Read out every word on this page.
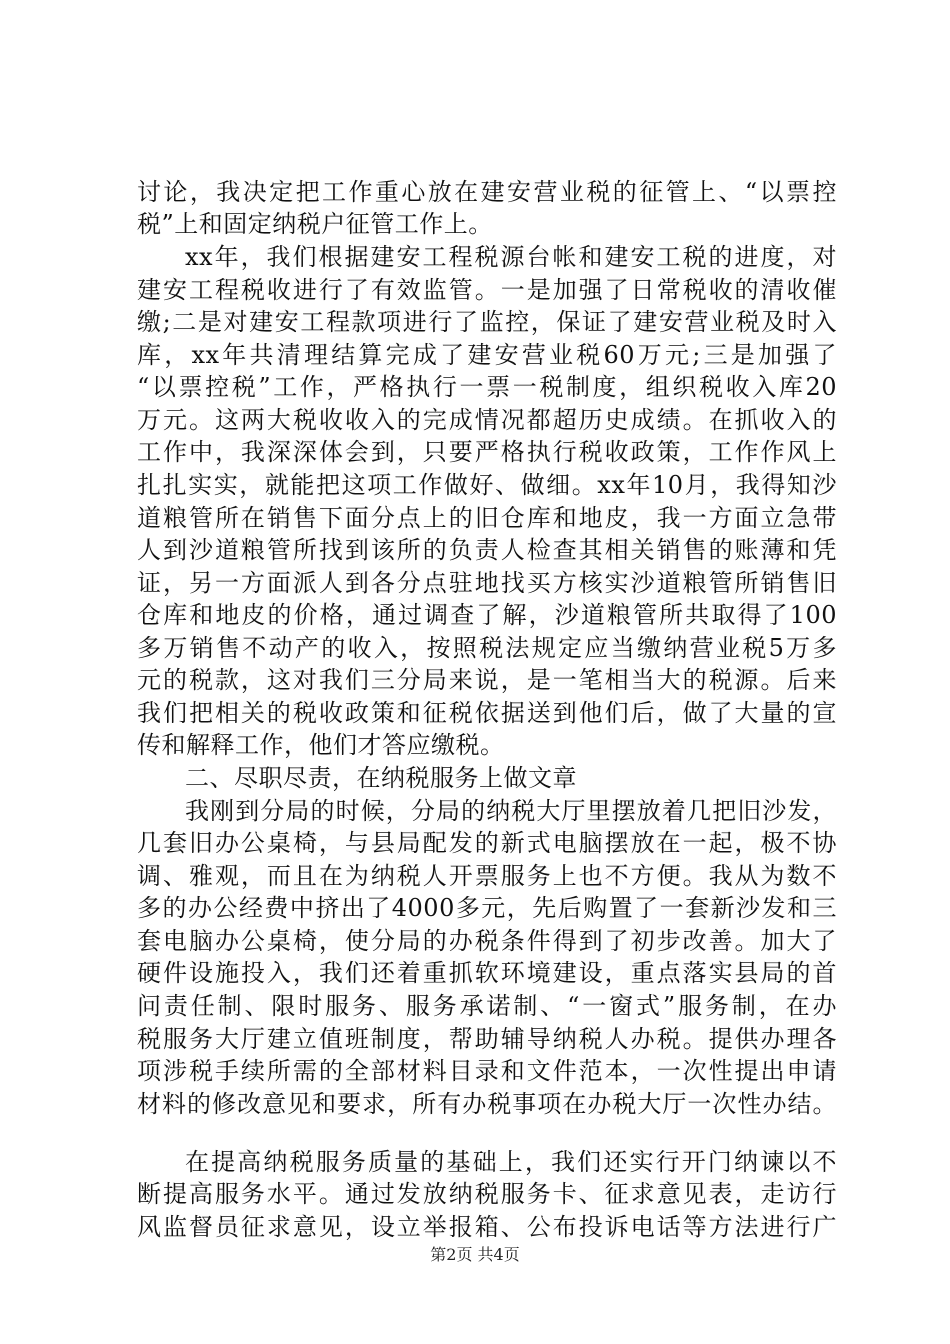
讨论，我决定把工作重心放在建安营业税的征管上、“以票控
税”上和固定纳税户征管工作上。
xx年，我们根据建安工程税源台帐和建安工税的进度，对
建安工程税收进行了有效监管。一是加强了日常税收的清收催
缴;二是对建安工程款项进行了监控，保证了建安营业税及时入
库，xx年共清理结算完成了建安营业税60万元;三是加强了
“以票控税”工作，严格执行一票一税制度，组织税收入库20
万元。这两大税收收入的完成情况都超历史成绩。在抓收入的
工作中，我深深体会到，只要严格执行税收政策，工作作风上
扎扎实实，就能把这项工作做好、做细。xx年10月，我得知沙
道粮管所在销售下面分点上的旧仓库和地皮，我一方面立急带
人到沙道粮管所找到该所的负责人检查其相关销售的账薄和凭
证，另一方面派人到各分点驻地找买方核实沙道粮管所销售旧
仓库和地皮的价格，通过调查了解，沙道粮管所共取得了100
多万销售不动产的收入，按照税法规定应当缴纳营业税5万多
元的税款，这对我们三分局来说，是一笔相当大的税源。后来
我们把相关的税收政策和征税依据送到他们后，做了大量的宣
传和解释工作，他们才答应缴税。
二、尽职尽责，在纳税服务上做文章
我刚到分局的时候，分局的纳税大厅里摆放着几把旧沙发，
几套旧办公桌椅，与县局配发的新式电脑摆放在一起，极不协
调、雅观，而且在为纳税人开票服务上也不方便。我从为数不
多的办公经费中挤出了4000多元，先后购置了一套新沙发和三
套电脑办公桌椅，使分局的办税条件得到了初步改善。加大了
硬件设施投入，我们还着重抓软环境建设，重点落实县局的首
问责任制、限时服务、服务承诺制、“一窗式”服务制，在办
税服务大厅建立值班制度，帮助辅导纳税人办税。提供办理各
项涉税手续所需的全部材料目录和文件范本，一次性提出申请
材料的修改意见和要求，所有办税事项在办税大厅一次性办结。
在提高纳税服务质量的基础上，我们还实行开门纳谏以不
断提高服务水平。通过发放纳税服务卡、征求意见表，走访行
风监督员征求意见，设立举报箱、公布投诉电话等方法进行广
第2页 共4页
